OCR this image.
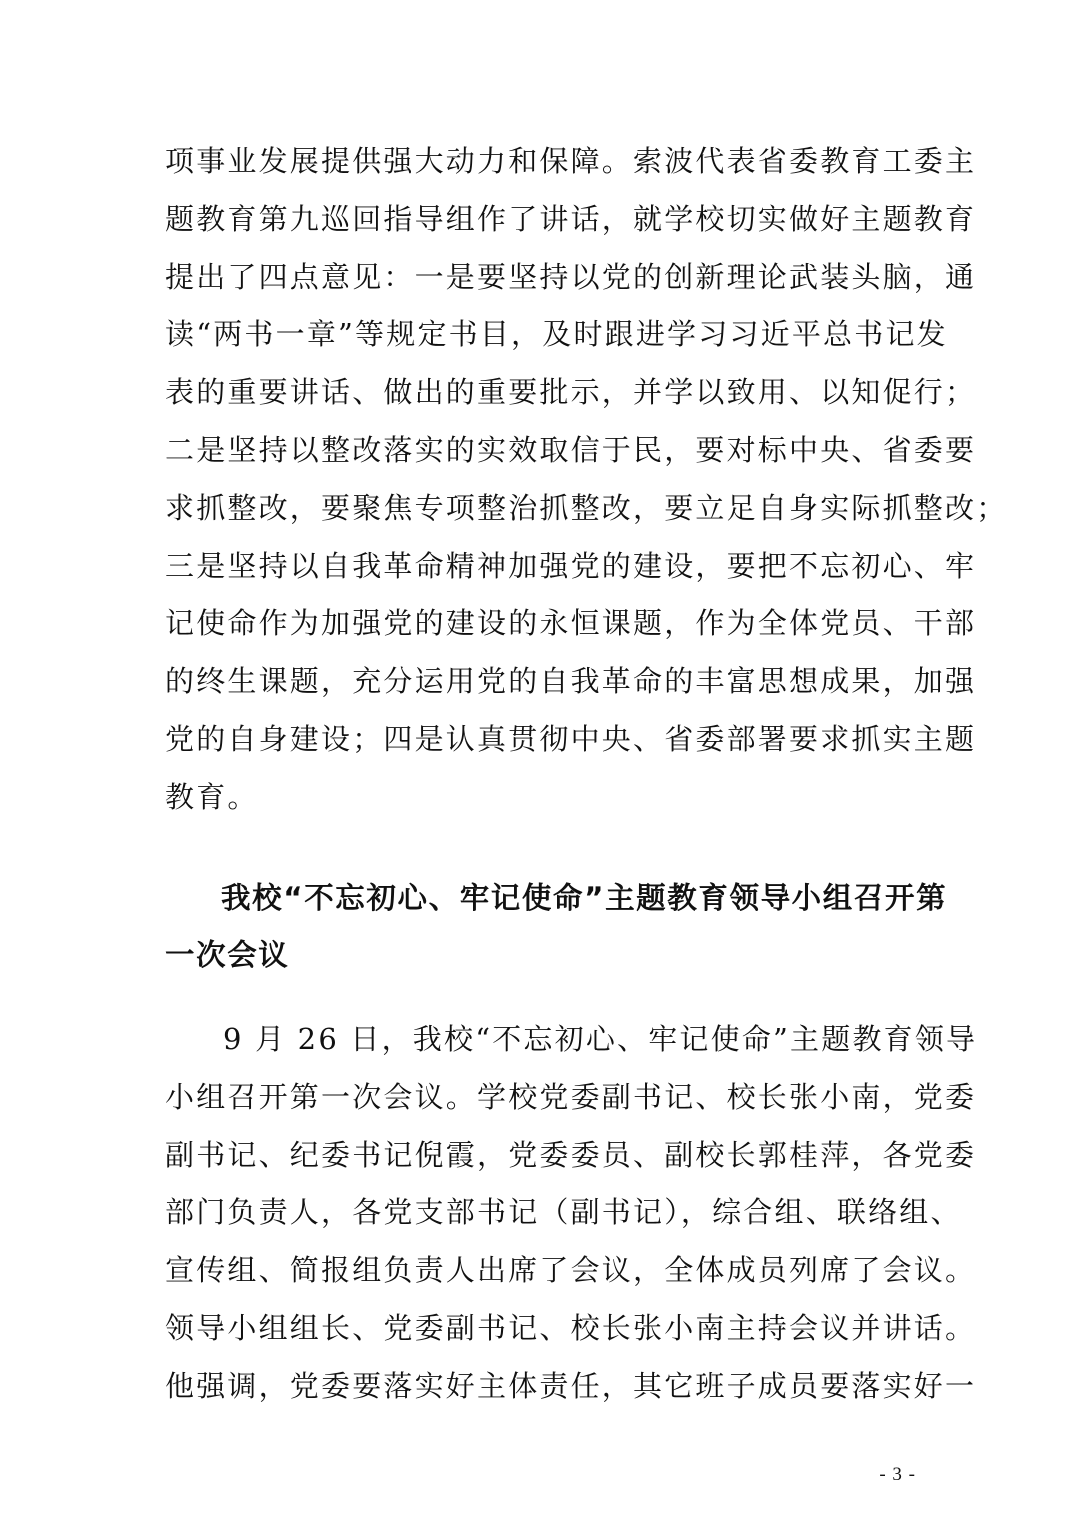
项事业发展提供强大动力和保障。索波代表省委教育工委主
题教育第九巡回指导组作了讲话，就学校切实做好主题教育
提出了四点意见：一是要坚持以党的创新理论武装头脑，通
读“两书一章”等规定书目，及时跟进学习习近平总书记发
表的重要讲话、做出的重要批示，并学以致用、以知促行；
二是坚持以整改落实的实效取信于民，要对标中央、省委要
求抓整改，要聚焦专项整治抓整改，要立足自身实际抓整改；
三是坚持以自我革命精神加强党的建设，要把不忘初心、牢
记使命作为加强党的建设的永恒课题，作为全体党员、干部
的终生课题，充分运用党的自我革命的丰富思想成果，加强
党的自身建设；四是认真贯彻中央、省委部署要求抓实主题
教育。
我校“不忘初心、牢记使命”主题教育领导小组召开第
一次会议
9 月 26 日，我校“不忘初心、牢记使命”主题教育领导
小组召开第一次会议。学校党委副书记、校长张小南，党委
副书记、纪委书记倪霞，党委委员、副校长郭桂萍，各党委
部门负责人，各党支部书记（副书记），综合组、联络组、
宣传组、简报组负责人出席了会议，全体成员列席了会议。
领导小组组长、党委副书记、校长张小南主持会议并讲话。
他强调，党委要落实好主体责任，其它班子成员要落实好一
- 3 -
